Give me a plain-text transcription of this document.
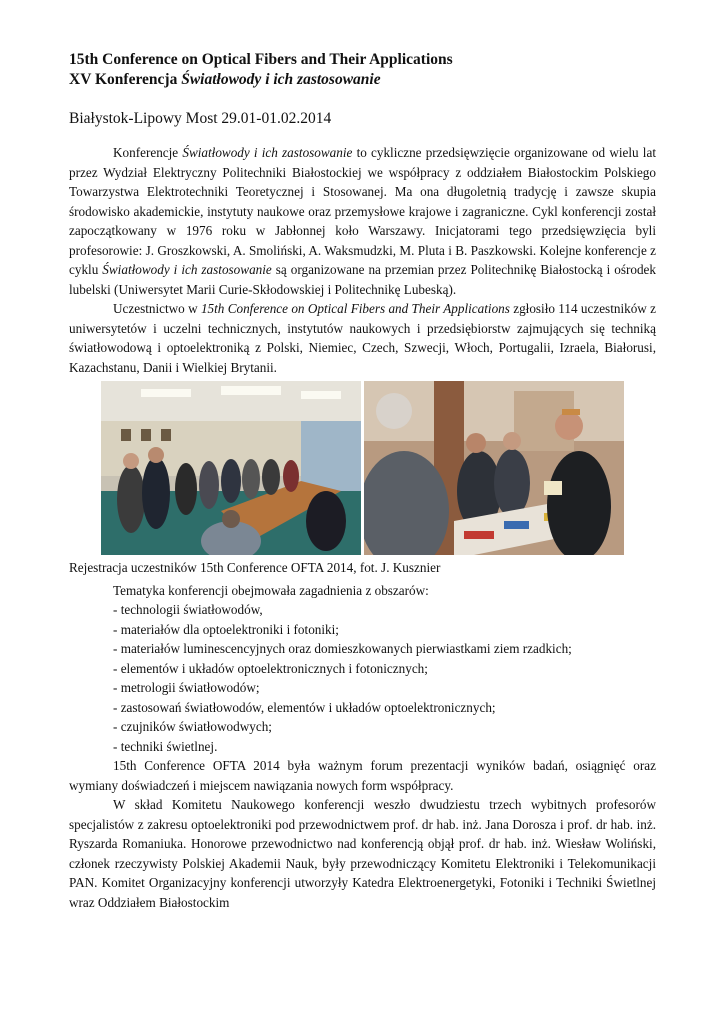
15th Conference on Optical Fibers and Their Applications
XV Konferencja Światłowody i ich zastosowanie
Białystok-Lipowy Most 29.01-01.02.2014

Konferencje Światłowody i ich zastosowanie to cykliczne przedsięwzięcie organizowane od wielu lat przez Wydział Elektryczny Politechniki Białostockiej we współpracy z oddziałem Białostockim Polskiego Towarzystwa Elektrotechniki Teoretycznej i Stosowanej. Ma ona długoletnią tradycję i zawsze skupia środowisko akademickie, instytuty naukowe oraz przemysłowe krajowe i zagraniczne. Cykl konferencji został zapoczątkowany w 1976 roku w Jabłonnej koło Warszawy. Inicjatorami tego przedsięwzięcia byli profesorowie: J. Groszkowski, A. Smoliński, A. Waksmudzki, M. Pluta i B. Paszkowski. Kolejne konferencje z cyklu Światłowody i ich zastosowanie są organizowane na przemian przez Politechnikę Białostocką i ośrodek lubelski (Uniwersytet Marii Curie-Skłodowskiej i Politechnikę Lubeską).

Uczestnictwo w 15th Conference on Optical Fibers and Their Applications zgłosiło 114 uczestników z uniwersytetów i uczelni technicznych, instytutów naukowych i przedsiębiorstw zajmujących się techniką światłowodową i optoelektroniką z Polski, Niemiec, Czech, Szwecji, Włoch, Portugalii, Izraela, Białorusi, Kazachstanu, Danii i Wielkiej Brytanii.

Rejestracja uczestników 15th Conference OFTA 2014, fot. J. Kusznier
Tematyka konferencji obejmowała zagadnienia z obszarów:
- technologii światłowodów,
- materiałów dla optoelektroniki i fotoniki;
- materiałów luminescencyjnych oraz domieszkowanych pierwiastkami ziem rzadkich;
- elementów i układów optoelektronicznych i fotonicznych;
- metrologii światłowodów;
- zastosowań światłowodów, elementów i układów optoelektronicznych;
- czujników światłowodwych;
- techniki świetlnej.

15th Conference OFTA 2014 była ważnym forum prezentacji wyników badań, osiągnięć oraz wymiany doświadczeń i miejscem nawiązania nowych form współpracy.

W skład Komitetu Naukowego konferencji weszło dwudziestu trzech wybitnych profesorów specjalistów z zakresu optoelektroniki pod przewodnictwem prof. dr hab. inż. Jana Dorosza i prof. dr hab. inż. Ryszarda Romaniuka. Honorowe przewodnictwo nad konferencją objął prof. dr hab. inż. Wiesław Woliński, członek rzeczywisty Polskiej Akademii Nauk, były przewodniczący Komitetu Elektroniki i Telekomunikacji PAN. Komitet Organizacyjny konferencji utworzyły Katedra Elektroenergetyki, Fotoniki i Techniki Świetlnej wraz Oddziałem Białostockim
